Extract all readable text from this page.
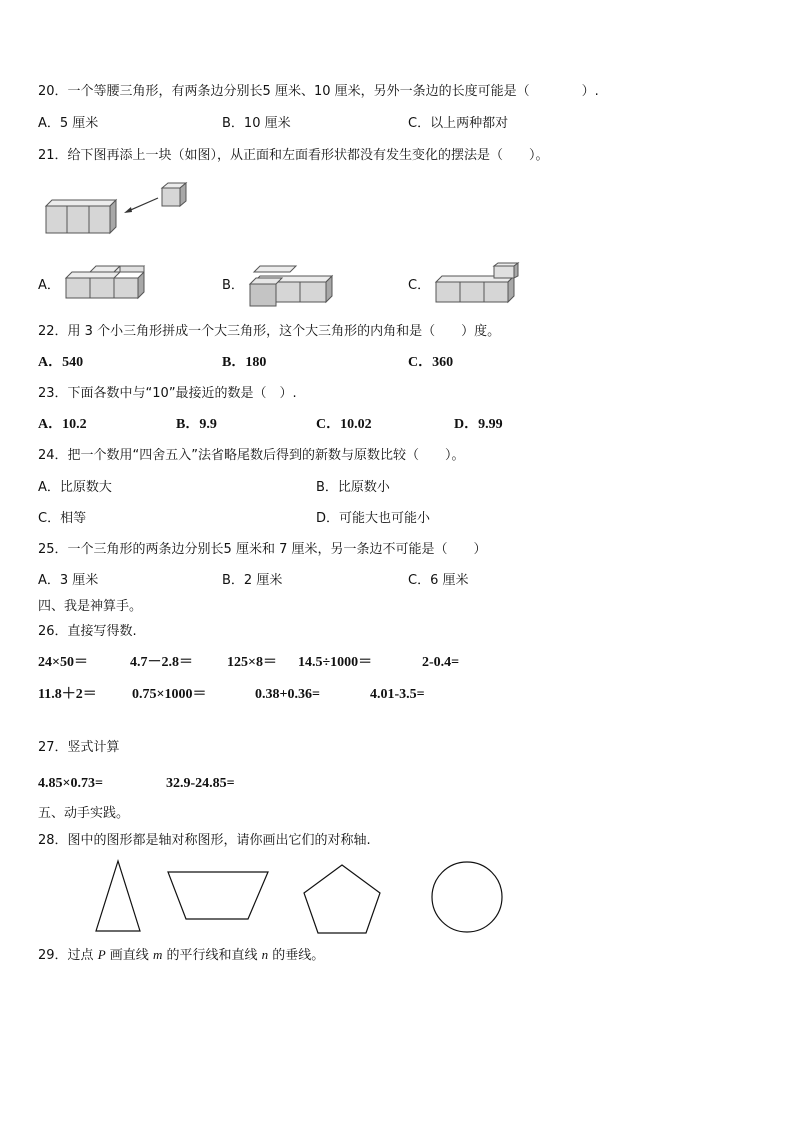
20．一个等腰三角形，有两条边分别长5 厘米、10 厘米，另外一条边的长度可能是（　　　　）.
A．5 厘米	B．10 厘米	C．以上两种都对
21．给下图再添上一块（如图），从正面和左面看形状都没有发生变化的摆法是（　　）。
A．	B．	C．
22．用 3 个小三角形拼成一个大三角形，这个大三角形的内角和是（　　）度。
A．540	B．180	C．360
23．下面各数中与“10”最接近的数是（　）.
A．10.2	B．9.9	C．10.02	D．9.99
24．把一个数用“四舍五入”法省略尾数后得到的新数与原数比较（　　）。
A．比原数大	B．比原数小
C．相等	D．可能大也可能小
25．一个三角形的两条边分别长5 厘米和 7 厘米，另一条边不可能是（　　）
A．3 厘米	B．2 厘米	C．6 厘米
四、我是神算手。
26．直接写得数.
24×50＝	4.7－2.8＝ 125×8＝ 14.5÷1000＝	2-0.4=
11.8＋2＝	0.75×1000＝	0.38+0.36=	4.01-3.5=
27．竖式计算
4.85×0.73=	32.9-24.85=
五、动手实践。
28．图中的图形都是轴对称图形，请你画出它们的对称轴.
29．过点 P 画直线 m 的平行线和直线 n 的垂线。
